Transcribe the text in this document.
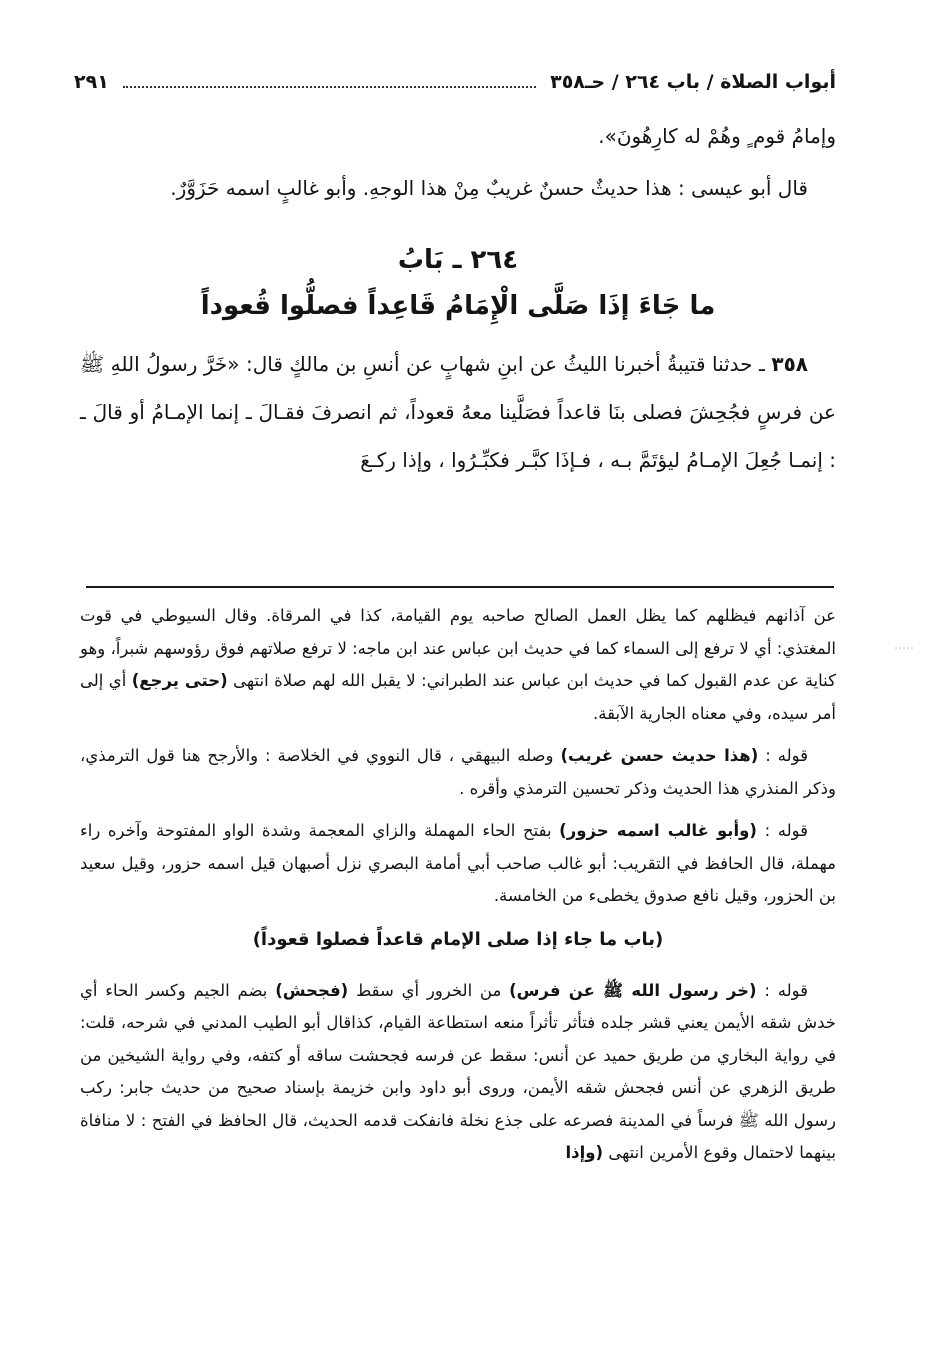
أبواب الصلاة / باب ٢٦٤ / حـ٣٥٨
٢٩١

وإمامُ قوم ٍ وهُمْ له كارِهُونَ».

قال أبو عيسى : هذا حديثٌ حسنٌ غريبٌ مِنْ هذا الوجهِ. وأبو غالبٍ اسمه حَزَوَّرٌ.

٢٦٤ ـ بَابُ

ما جَاءَ إذَا صَلَّى الْإِمَامُ قَاعِداً فصلُّوا قُعوداً

٣٥٨ ـ حدثنا قتيبةُ أخبرنا الليثُ عن ابنِ شهابٍ عن أنسِ بن مالكٍ قال: «خَرَّ رسولُ اللهِ ﷺ عن فرسٍ فجُحِشَ فصلى بنَا قاعداً فصَلَّينا معهُ قعوداً، ثم انصرفَ فقـالَ ـ إنما الإمـامُ أو قالَ ـ : إنمـا جُعِلَ الإمـامُ ليؤتَمَّ بـه ، فـإذَا كبَّـر فكبِّـرُوا ، وإذا ركـعَ

عن آذانهم فيظلهم كما يظل العمل الصالح صاحبه يوم القيامة، كذا في المرقاة. وقال السيوطي في قوت المغتذي: أي لا ترفع إلى السماء كما في حديث ابن عباس عند ابن ماجه: لا ترفع صلاتهم فوق رؤوسهم شبراً، وهو كناية عن عدم القبول كما في حديث ابن عباس عند الطبراني: لا يقبل الله لهم صلاة انتهى (حتى يرجع) أي إلى أمر سيده، وفي معناه الجارية الآبقة.

قوله : (هذا حديث حسن غريب) وصله البيهقي ، قال النووي في الخلاصة : والأرجح هنا قول الترمذي، وذكر المنذري هذا الحديث وذكر تحسين الترمذي وأقره .

قوله : (وأبو غالب اسمه حزور) بفتح الحاء المهملة والزاي المعجمة وشدة الواو المفتوحة وآخره راء مهملة، قال الحافظ في التقريب: أبو غالب صاحب أبي أمامة البصري نزل أصبهان قيل اسمه حزور، وقيل سعيد بن الحزور، وقيل نافع صدوق يخطىء من الخامسة.

(باب ما جاء إذا صلى الإمام قاعداً فصلوا قعوداً)

قوله : (خر رسول الله ﷺ عن فرس) من الخرور أي سقط (فجحش) بضم الجيم وكسر الحاء أي خدش شقه الأيمن يعني قشر جلده فتأثر تأثراً منعه استطاعة القيام، كذاقال أبو الطيب المدني في شرحه، قلت: في رواية البخاري من طريق حميد عن أنس: سقط عن فرسه فجحشت ساقه أو كتفه، وفي رواية الشيخين من طريق الزهري عن أنس فجحش شقه الأيمن، وروى أبو داود وابن خزيمة بإسناد صحيح من حديث جابر: ركب رسول الله ﷺ فرساً في المدينة فصرعه على جذع نخلة فانفكت قدمه الحديث، قال الحافظ في الفتح : لا منافاة بينهما لاحتمال وقوع الأمرين انتهى (وإذا
